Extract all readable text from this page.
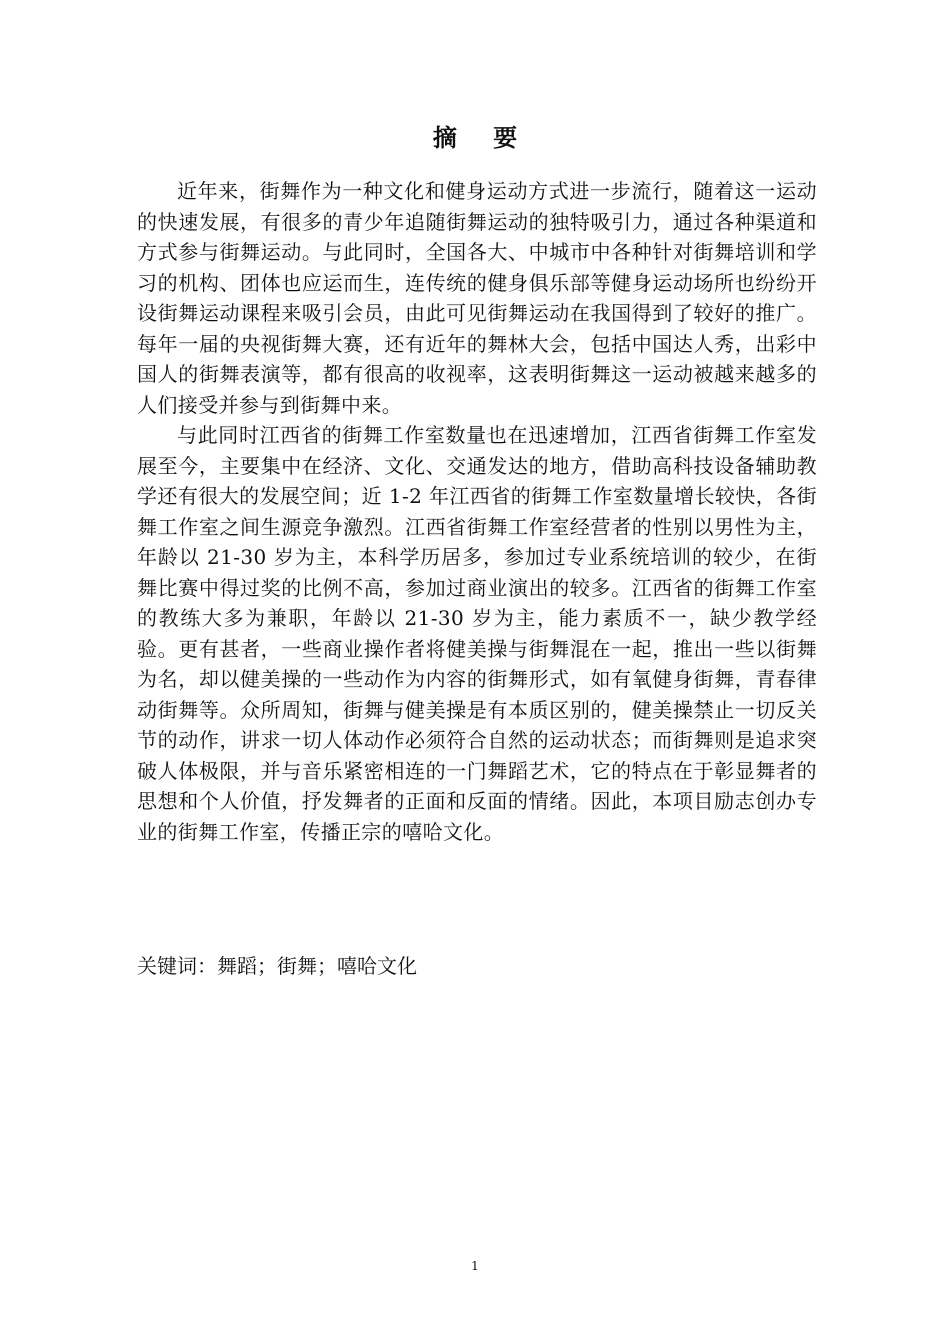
摘 要

近年来，街舞作为一种文化和健身运动方式进一步流行，随着这一运动的快速发展，有很多的青少年追随街舞运动的独特吸引力，通过各种渠道和方式参与街舞运动。与此同时，全国各大、中城市中各种针对街舞培训和学习的机构、团体也应运而生，连传统的健身俱乐部等健身运动场所也纷纷开设街舞运动课程来吸引会员，由此可见街舞运动在我国得到了较好的推广。每年一届的央视街舞大赛，还有近年的舞林大会，包括中国达人秀，出彩中国人的街舞表演等，都有很高的收视率，这表明街舞这一运动被越来越多的人们接受并参与到街舞中来。

与此同时江西省的街舞工作室数量也在迅速增加，江西省街舞工作室发展至今，主要集中在经济、文化、交通发达的地方，借助高科技设备辅助教学还有很大的发展空间；近 1-2 年江西省的街舞工作室数量增长较快，各街舞工作室之间生源竞争激烈。江西省街舞工作室经营者的性别以男性为主，年龄以 21-30 岁为主，本科学历居多，参加过专业系统培训的较少，在街舞比赛中得过奖的比例不高，参加过商业演出的较多。江西省的街舞工作室的教练大多为兼职，年龄以 21-30 岁为主，能力素质不一，缺少教学经验。更有甚者，一些商业操作者将健美操与街舞混在一起，推出一些以街舞为名，却以健美操的一些动作为内容的街舞形式，如有氧健身街舞，青春律动街舞等。众所周知，街舞与健美操是有本质区别的，健美操禁止一切反关节的动作，讲求一切人体动作必须符合自然的运动状态；而街舞则是追求突破人体极限，并与音乐紧密相连的一门舞蹈艺术，它的特点在于彰显舞者的思想和个人价值，抒发舞者的正面和反面的情绪。因此，本项目励志创办专业的街舞工作室，传播正宗的嘻哈文化。

关键词：舞蹈；街舞；嘻哈文化
1
